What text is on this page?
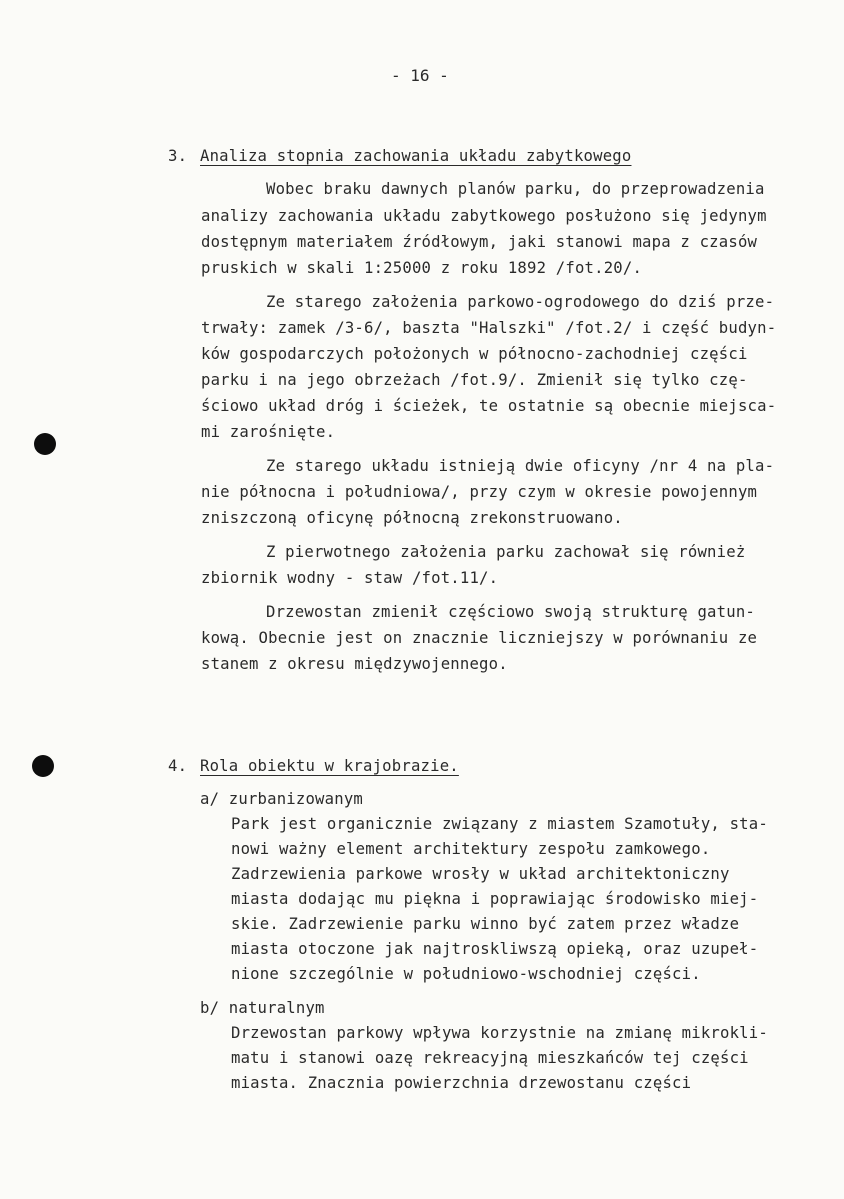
- 16 -
3. Analiza stopnia zachowania układu zabytkowego
Wobec braku dawnych planów parku, do przeprowadzenia
analizy zachowania układu zabytkowego posłużono się jedynym
dostępnym materiałem źródłowym, jaki stanowi mapa z czasów
pruskich w skali 1:25000 z roku 1892 /fot.20/.
Ze starego założenia parkowo-ogrodowego do dziś prze-
trwały: zamek /3-6/, baszta "Halszki" /fot.2/ i część budyn-
ków gospodarczych położonych w północno-zachodniej części
parku i na jego obrzeżach /fot.9/. Zmienił się tylko czę-
ściowo układ dróg i ścieżek, te ostatnie są obecnie miejsca-
mi zarośnięte.
Ze starego układu istnieją dwie oficyny /nr 4 na pla-
nie północna i południowa/, przy czym w okresie powojennym
zniszczoną oficynę północną zrekonstruowano.
Z pierwotnego założenia parku zachował się również
zbiornik wodny - staw /fot.11/.
Drzewostan zmienił częściowo swoją strukturę gatun-
kową. Obecnie jest on znacznie liczniejszy w porównaniu ze
stanem z okresu międzywojennego.
4. Rola obiektu w krajobrazie.
a/ zurbanizowanym
Park jest organicznie związany z miastem Szamotuły, sta-
nowi ważny element architektury zespołu zamkowego.
Zadrzewienia parkowe wrosły w układ architektoniczny
miasta dodając mu piękna i poprawiając środowisko miej-
skie. Zadrzewienie parku winno być zatem przez władze
miasta otoczone jak najtroskliwszą opieką, oraz uzupeł-
nione szczególnie w południowo-wschodniej części.
b/ naturalnym
Drzewostan parkowy wpływa korzystnie na zmianę mikrokli-
matu i stanowi oazę rekreacyjną mieszkańców tej części
miasta. Znacznia powierzchnia drzewostanu części
